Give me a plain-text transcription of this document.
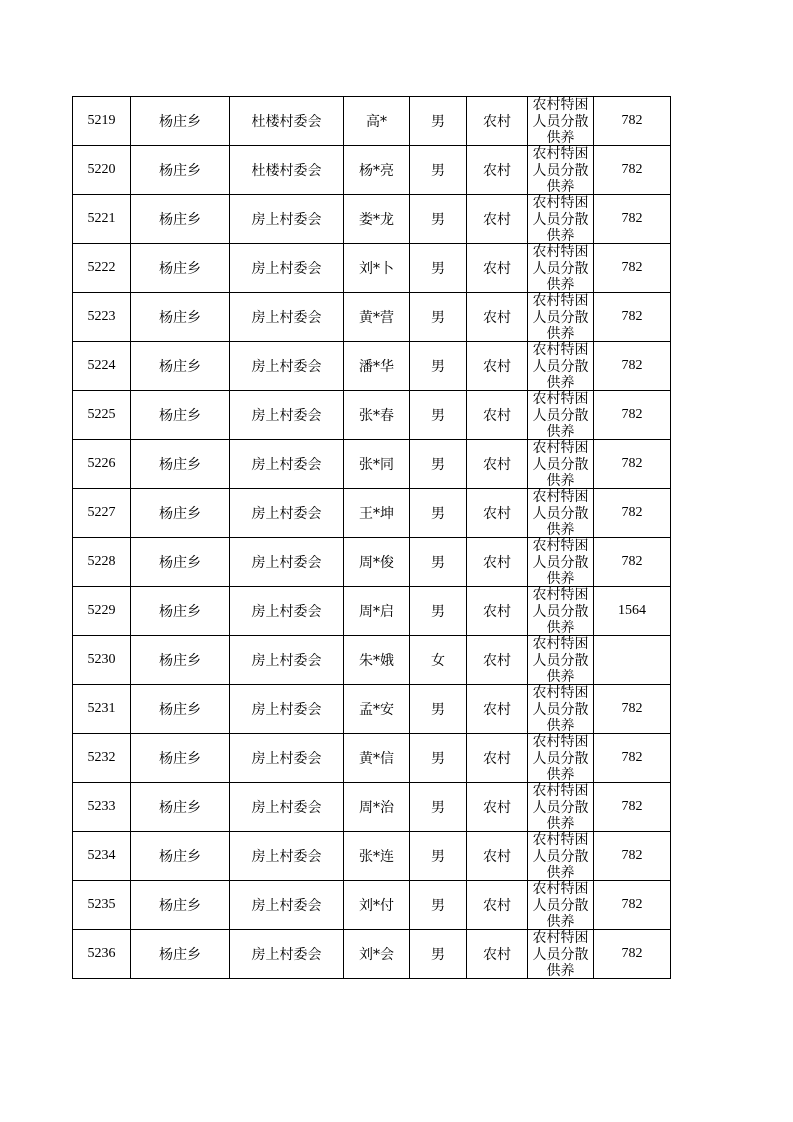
5219	杨庄乡	杜楼村委会	高*	男	农村	农村特困人员分散供养	782
5220	杨庄乡	杜楼村委会	杨*亮	男	农村	农村特困人员分散供养	782
5221	杨庄乡	房上村委会	娄*龙	男	农村	农村特困人员分散供养	782
5222	杨庄乡	房上村委会	刘*卜	男	农村	农村特困人员分散供养	782
5223	杨庄乡	房上村委会	黄*营	男	农村	农村特困人员分散供养	782
5224	杨庄乡	房上村委会	潘*华	男	农村	农村特困人员分散供养	782
5225	杨庄乡	房上村委会	张*春	男	农村	农村特困人员分散供养	782
5226	杨庄乡	房上村委会	张*同	男	农村	农村特困人员分散供养	782
5227	杨庄乡	房上村委会	王*坤	男	农村	农村特困人员分散供养	782
5228	杨庄乡	房上村委会	周*俊	男	农村	农村特困人员分散供养	782
5229	杨庄乡	房上村委会	周*启	男	农村	农村特困人员分散供养	1564
5230	杨庄乡	房上村委会	朱*娥	女	农村	农村特困人员分散供养	

5231	杨庄乡	房上村委会	孟*安	男	农村	农村特困人员分散供养	782
5232	杨庄乡	房上村委会	黄*信	男	农村	农村特困人员分散供养	782
5233	杨庄乡	房上村委会	周*治	男	农村	农村特困人员分散供养	782
5234	杨庄乡	房上村委会	张*连	男	农村	农村特困人员分散供养	782
5235	杨庄乡	房上村委会	刘*付	男	农村	农村特困人员分散供养	782
5236	杨庄乡	房上村委会	刘*会	男	农村	农村特困人员分散供养	782
